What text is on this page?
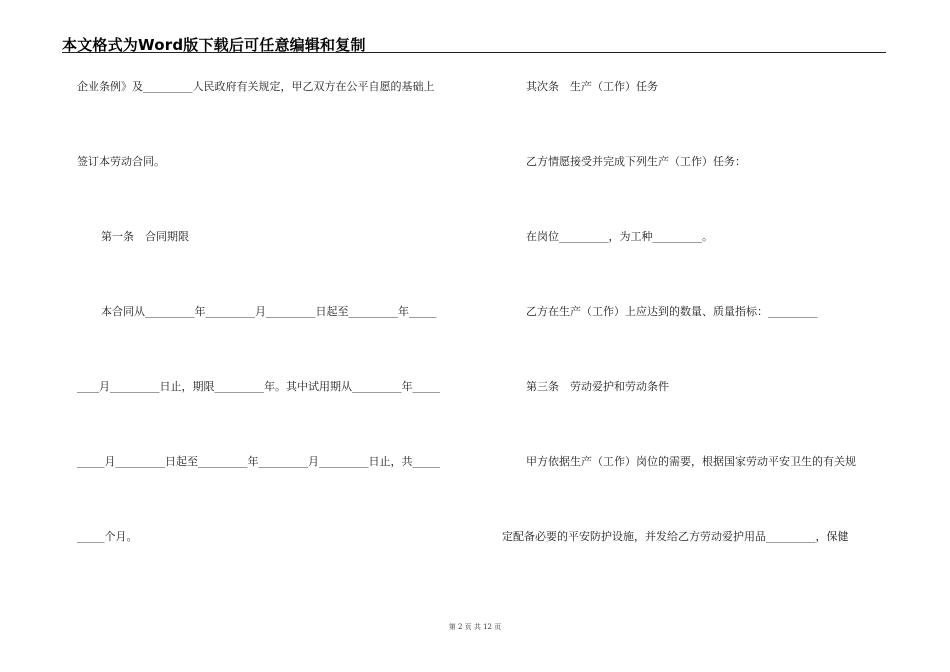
本文格式为Word版下载后可任意编辑和复制
企业条例》及_________人民政府有关规定，甲乙双方在公平自愿的基础上
签订本劳动合同。
第一条　合同期限
本合同从_________年_________月_________日起至_________年_____
____月_________日止，期限_________年。其中试用期从_________年_____
_____月_________日起至_________年_________月_________日止，共_____
_____个月。
其次条　生产（工作）任务
乙方情愿接受并完成下列生产（工作）任务：
在岗位_________，为工种_________。
乙方在生产（工作）上应达到的数量、质量指标：_________
第三条　劳动爱护和劳动条件
甲方依据生产（工作）岗位的需要，根据国家劳动平安卫生的有关规
定配备必要的平安防护设施，并发给乙方劳动爱护用品_________，保健
第 2 页 共 12 页
